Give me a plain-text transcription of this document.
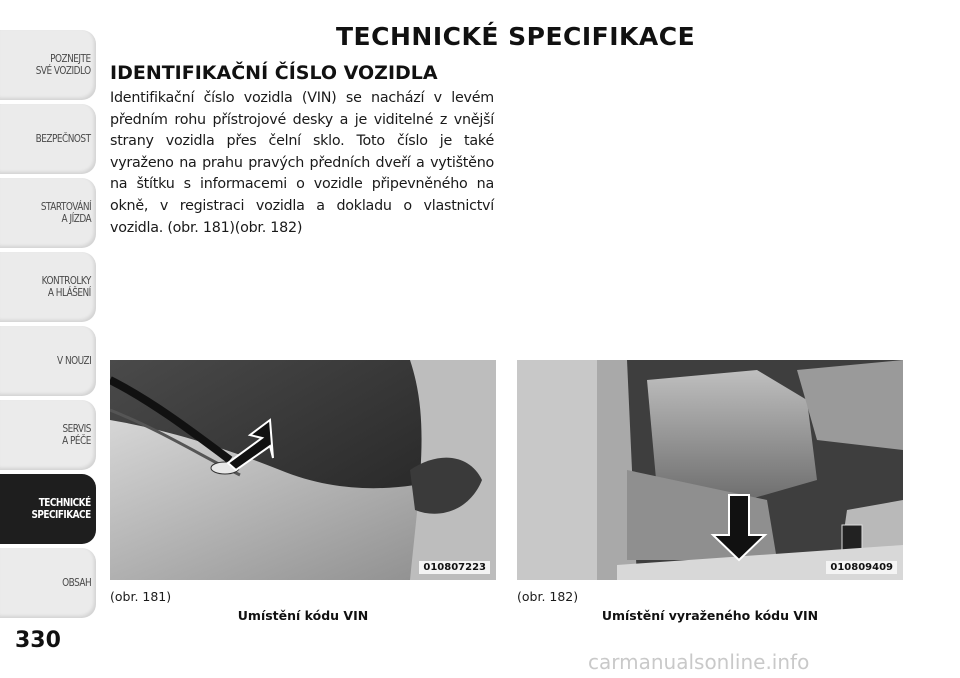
POZNEJTE
SVÉ VOZIDLO
BEZPEČNOST
STARTOVÁNÍ
A JÍZDA
KONTROLKY
A HLÁŠENÍ
V NOUZI
SERVIS
A PÉČE
TECHNICKÉ
SPECIFIKACE
OBSAH
330
TECHNICKÉ SPECIFIKACE
IDENTIFIKAČNÍ ČÍSLO VOZIDLA

Identifikační číslo vozidla (VIN) se nachází v levém předním rohu přístrojové desky a je viditelné z vnější strany vozidla přes čelní sklo. Toto číslo je také vyraženo na prahu pravých předních dveří a vytištěno na štítku s informacemi o vozidle připevněného na okně, v registraci vozidla a dokladu o vlastnictví vozidla. (obr. 181)(obr. 182)

010807223	010809409
(obr. 181)
Umístění kódu VIN
(obr. 182)
Umístění vyraženého kódu VIN
carmanualsonline.info
